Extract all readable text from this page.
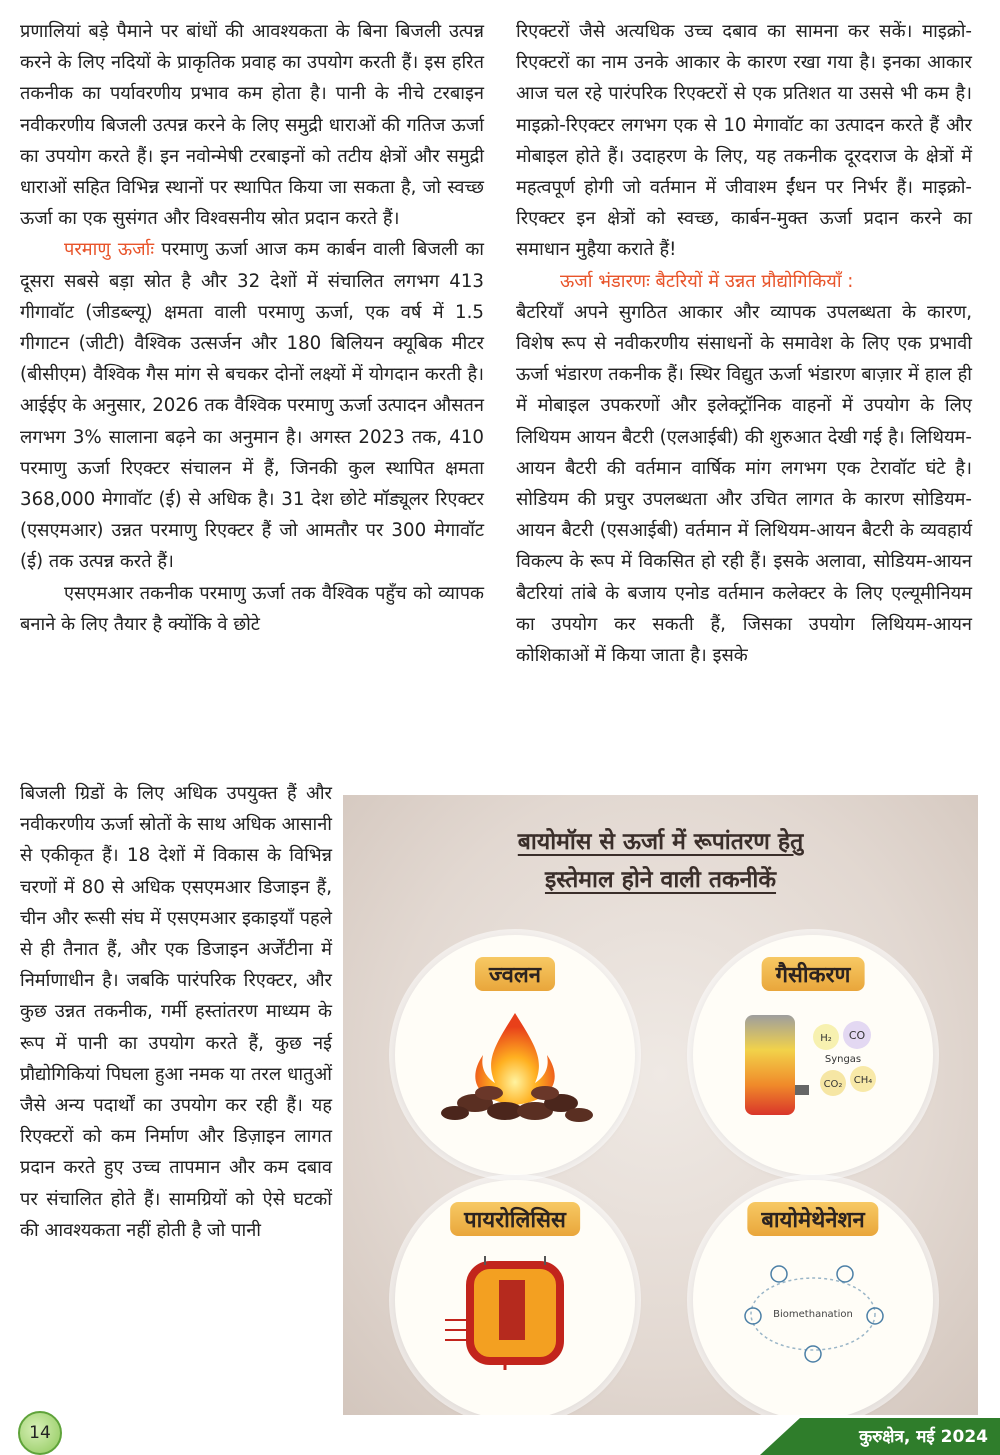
प्रणालियां बड़े पैमाने पर बांधों की आवश्यकता के बिना बिजली उत्पन्न करने के लिए नदियों के प्राकृतिक प्रवाह का उपयोग करती हैं। इस हरित तकनीक का पर्यावरणीय प्रभाव कम होता है। पानी के नीचे टरबाइन नवीकरणीय बिजली उत्पन्न करने के लिए समुद्री धाराओं की गतिज ऊर्जा का उपयोग करते हैं। इन नवोन्मेषी टरबाइनों को तटीय क्षेत्रों और समुद्री धाराओं सहित विभिन्न स्थानों पर स्थापित किया जा सकता है, जो स्वच्छ ऊर्जा का एक सुसंगत और विश्वसनीय स्रोत प्रदान करते हैं।

परमाणु ऊर्जाः परमाणु ऊर्जा आज कम कार्बन वाली बिजली का दूसरा सबसे बड़ा स्रोत है और 32 देशों में संचालित लगभग 413 गीगावॉट (जीडब्ल्यू) क्षमता वाली परमाणु ऊर्जा, एक वर्ष में 1.5 गीगाटन (जीटी) वैश्विक उत्सर्जन और 180 बिलियन क्यूबिक मीटर (बीसीएम) वैश्विक गैस मांग से बचकर दोनों लक्ष्यों में योगदान करती है। आईईए के अनुसार, 2026 तक वैश्विक परमाणु ऊर्जा उत्पादन औसतन लगभग 3% सालाना बढ़ने का अनुमान है। अगस्त 2023 तक, 410 परमाणु ऊर्जा रिएक्टर संचालन में हैं, जिनकी कुल स्थापित क्षमता 368,000 मेगावॉट (ई) से अधिक है। 31 देश छोटे मॉड्यूलर रिएक्टर (एसएमआर) उन्नत परमाणु रिएक्टर हैं जो आमतौर पर 300 मेगावॉट (ई) तक उत्पन्न करते हैं।

एसएमआर तकनीक परमाणु ऊर्जा तक वैश्विक पहुँच को व्यापक बनाने के लिए तैयार है क्योंकि वे छोटे

बिजली ग्रिडों के लिए अधिक उपयुक्त हैं और नवीकरणीय ऊर्जा स्रोतों के साथ अधिक आसानी से एकीकृत हैं। 18 देशों में विकास के विभिन्न चरणों में 80 से अधिक एसएमआर डिजाइन हैं, चीन और रूसी संघ में एसएमआर इकाइयाँ पहले से ही तैनात हैं, और एक डिजाइन अर्जेंटीना में निर्माणाधीन है। जबकि पारंपरिक रिएक्टर, और कुछ उन्नत तकनीक, गर्मी हस्तांतरण माध्यम के रूप में पानी का उपयोग करते हैं, कुछ नई प्रौद्योगिकियां पिघला हुआ नमक या तरल धातुओं जैसे अन्य पदार्थों का उपयोग कर रही हैं। यह रिएक्टरों को कम निर्माण और डिज़ाइन लागत प्रदान करते हुए उच्च तापमान और कम दबाव पर संचालित होते हैं। सामग्रियों को ऐसे घटकों की आवश्यकता नहीं होती है जो पानी

रिएक्टरों जैसे अत्यधिक उच्च दबाव का सामना कर सकें। माइक्रो-रिएक्टरों का नाम उनके आकार के कारण रखा गया है। इनका आकार आज चल रहे पारंपरिक रिएक्टरों से एक प्रतिशत या उससे भी कम है। माइक्रो-रिएक्टर लगभग एक से 10 मेगावॉट का उत्पादन करते हैं और मोबाइल होते हैं। उदाहरण के लिए, यह तकनीक दूरदराज के क्षेत्रों में महत्वपूर्ण होगी जो वर्तमान में जीवाश्म ईंधन पर निर्भर हैं। माइक्रो-रिएक्टर इन क्षेत्रों को स्वच्छ, कार्बन-मुक्त ऊर्जा प्रदान करने का समाधान मुहैया कराते हैं!

ऊर्जा भंडारणः बैटरियों में उन्नत प्रौद्योगिकियाँ :

बैटरियाँ अपने सुगठित आकार और व्यापक उपलब्धता के कारण, विशेष रूप से नवीकरणीय संसाधनों के समावेश के लिए एक प्रभावी ऊर्जा भंडारण तकनीक हैं। स्थिर विद्युत ऊर्जा भंडारण बाज़ार में हाल ही में मोबाइल उपकरणों और इलेक्ट्रॉनिक वाहनों में उपयोग के लिए लिथियम आयन बैटरी (एलआईबी) की शुरुआत देखी गई है। लिथियम-आयन बैटरी की वर्तमान वार्षिक मांग लगभग एक टेरावॉट घंटे है। सोडियम की प्रचुर उपलब्धता और उचित लागत के कारण सोडियम-आयन बैटरी (एसआईबी) वर्तमान में लिथियम-आयन बैटरी के व्यवहार्य विकल्प के रूप में विकसित हो रही हैं। इसके अलावा, सोडियम-आयन बैटरियां तांबे के बजाय एनोड वर्तमान कलेक्टर के लिए एल्यूमीनियम का उपयोग कर सकती हैं, जिसका उपयोग लिथियम-आयन कोशिकाओं में किया जाता है। इसके

बायोमॉस से ऊर्जा में रूपांतरण हेतु
इस्तेमाल होने वाली तकनीकें
ज्वलन	गैसीकरण
H₂ CO
Syngas
CO₂ CH₄
पायरोलिसिस	बायोमेथेनेशन
Biomethanation
कुरुक्षेत्र, मई 2024
14
